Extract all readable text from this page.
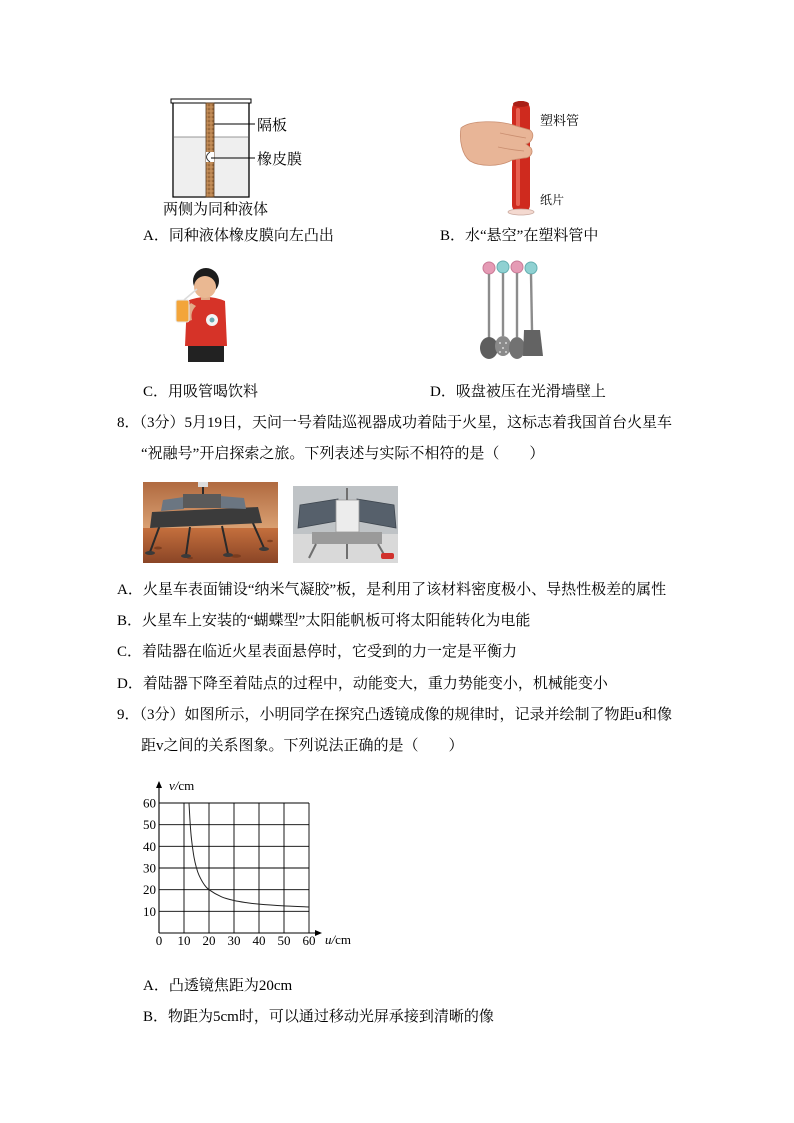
隔板
橡皮膜
两侧为同种液体
A．同种液体橡皮膜向左凸出
塑料管
纸片
B．水“悬空”在塑料管中
C．用吸管喝饮料	D．吸盘被压在光滑墙壁上
8．（3分）5月19日，天问一号着陆巡视器成功着陆于火星，这标志着我国首台火星车
“祝融号”开启探索之旅。下列表述与实际不相符的是（　　）
A．火星车表面铺设“纳米气凝胶”板，是利用了该材料密度极小、导热性极差的属性
B．火星车上安装的“蝴蝶型”太阳能帆板可将太阳能转化为电能
C．着陆器在临近火星表面悬停时，它受到的力一定是平衡力
D．着陆器下降至着陆点的过程中，动能变大，重力势能变小，机械能变小
9．（3分）如图所示，小明同学在探究凸透镜成像的规律时，记录并绘制了物距u和像
距v之间的关系图象。下列说法正确的是（　　）
0 10 20 30 40 50 60
10
20
30
40
50
60
v/cm
u/cm
A．凸透镜焦距为20cm
B．物距为5cm时，可以通过移动光屏承接到清晰的像
